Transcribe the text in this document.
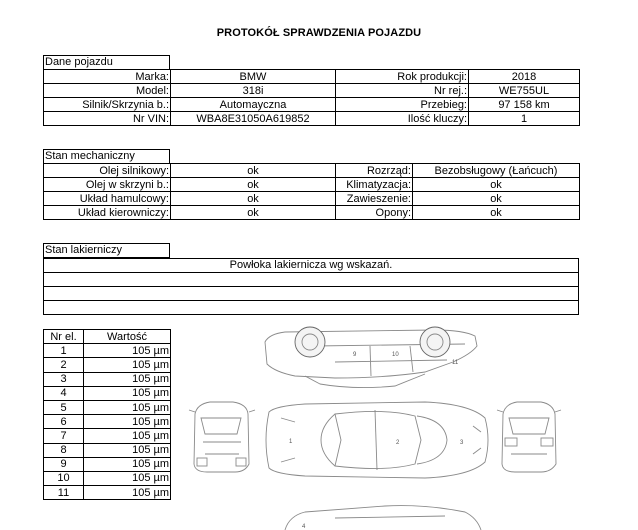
PROTOKÓŁ SPRAWDZENIA POJAZDU
Dane pojazdu
Marka:	BMW	Rok produkcji:	2018
Model:	318i	Nr rej.:	WE755UL
Silnik/Skrzynia b.:	Automayczna	Przebieg:	97 158 km
Nr VIN:	WBA8E31050A619852	Ilość kluczy:	1
Stan mechaniczny
Olej silnikowy:	ok	Rozrząd:	Bezobsługowy (Łańcuch)
Olej w skrzyni b.:	ok	Klimatyzacja:	ok
Układ hamulcowy:	ok	Zawieszenie:	ok
Układ kierowniczy:	ok	Opony:	ok
Stan lakierniczy
Powłoka lakiernicza wg wskazań.
Nr el.	Wartość
1	105 µm
2	105 µm
3	105 µm
4	105 µm
5	105 µm
6	105 µm
7	105 µm
8	105 µm
9	105 µm
10	105 µm
11	105 µm
9	10
11
1	2	3
4
